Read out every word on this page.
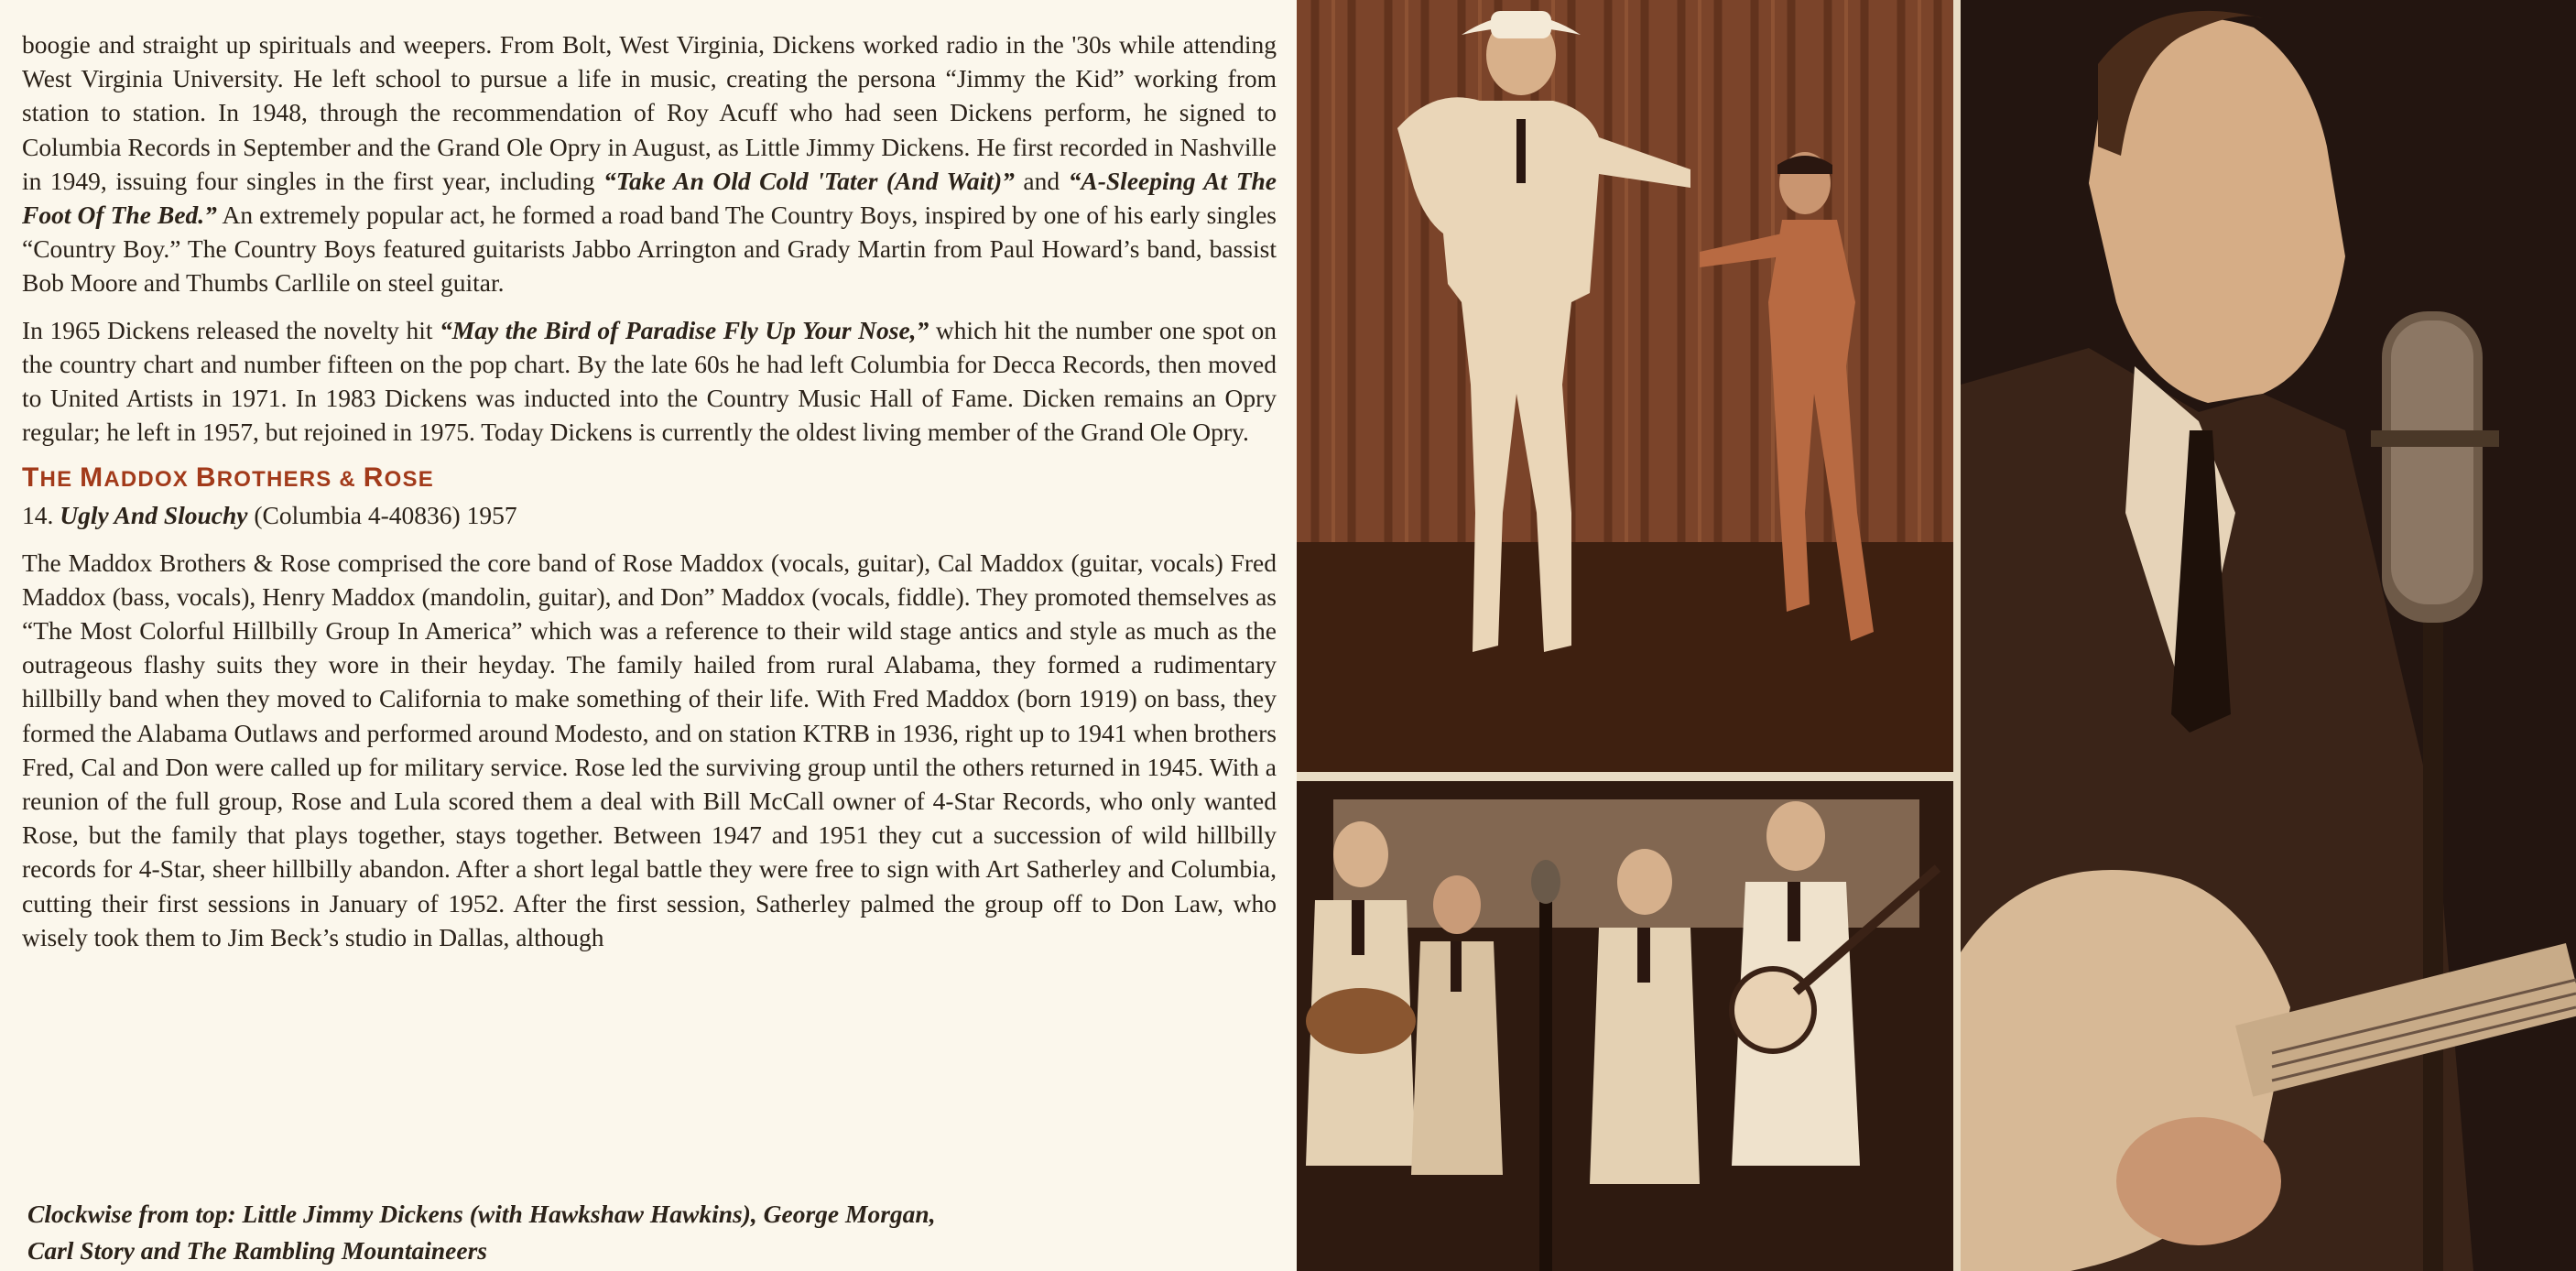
boogie and straight up spirituals and weepers. From Bolt, West Virginia, Dickens worked radio in the '30s while attending West Virginia University. He left school to pursue a life in music, creating the persona “Jimmy the Kid” working from station to station. In 1948, through the recommendation of Roy Acuff who had seen Dickens perform, he signed to Columbia Records in September and the Grand Ole Opry in August, as Little Jimmy Dickens. He first recorded in Nashville in 1949, issuing four singles in the first year, including “Take An Old Cold 'Tater (And Wait)” and “A-Sleeping At The Foot Of The Bed.” An extremely popular act, he formed a road band The Country Boys, inspired by one of his early singles “Country Boy.” The Country Boys featured guitarists Jabbo Arrington and Grady Martin from Paul Howard’s band, bassist Bob Moore and Thumbs Carllile on steel guitar.

In 1965 Dickens released the novelty hit “May the Bird of Paradise Fly Up Your Nose,” which hit the number one spot on the country chart and number fifteen on the pop chart. By the late 60s he had left Columbia for Decca Records, then moved to United Artists in 1971. In 1983 Dickens was inducted into the Country Music Hall of Fame. Dicken remains an Opry regular; he left in 1957, but rejoined in 1975. Today Dickens is currently the oldest living member of the Grand Ole Opry.

THE MADDOX BROTHERS & ROSE
14. Ugly And Slouchy (Columbia 4-40836) 1957

The Maddox Brothers & Rose comprised the core band of Rose Maddox (vocals, guitar), Cal Maddox (guitar, vocals) Fred Maddox (bass, vocals), Henry Maddox (mandolin, guitar), and Don” Maddox (vocals, fiddle). They promoted themselves as “The Most Colorful Hillbilly Group In America” which was a reference to their wild stage antics and style as much as the outrageous flashy suits they wore in their heyday. The family hailed from rural Alabama, they formed a rudimentary hillbilly band when they moved to California to make something of their life. With Fred Maddox (born 1919) on bass, they formed the Alabama Outlaws and performed around Modesto, and on station KTRB in 1936, right up to 1941 when brothers Fred, Cal and Don were called up for military service. Rose led the surviving group until the others returned in 1945. With a reunion of the full group, Rose and Lula scored them a deal with Bill McCall owner of 4-Star Records, who only wanted Rose, but the family that plays together, stays together. Between 1947 and 1951 they cut a succession of wild hillbilly records for 4-Star, sheer hillbilly abandon. After a short legal battle they were free to sign with Art Satherley and Columbia, cutting their first sessions in January of 1952. After the first session, Satherley palmed the group off to Don Law, who wisely took them to Jim Beck’s studio in Dallas, although

Clockwise from top: Little Jimmy Dickens (with Hawkshaw Hawkins), George Morgan,
Carl Story and The Rambling Mountaineers
